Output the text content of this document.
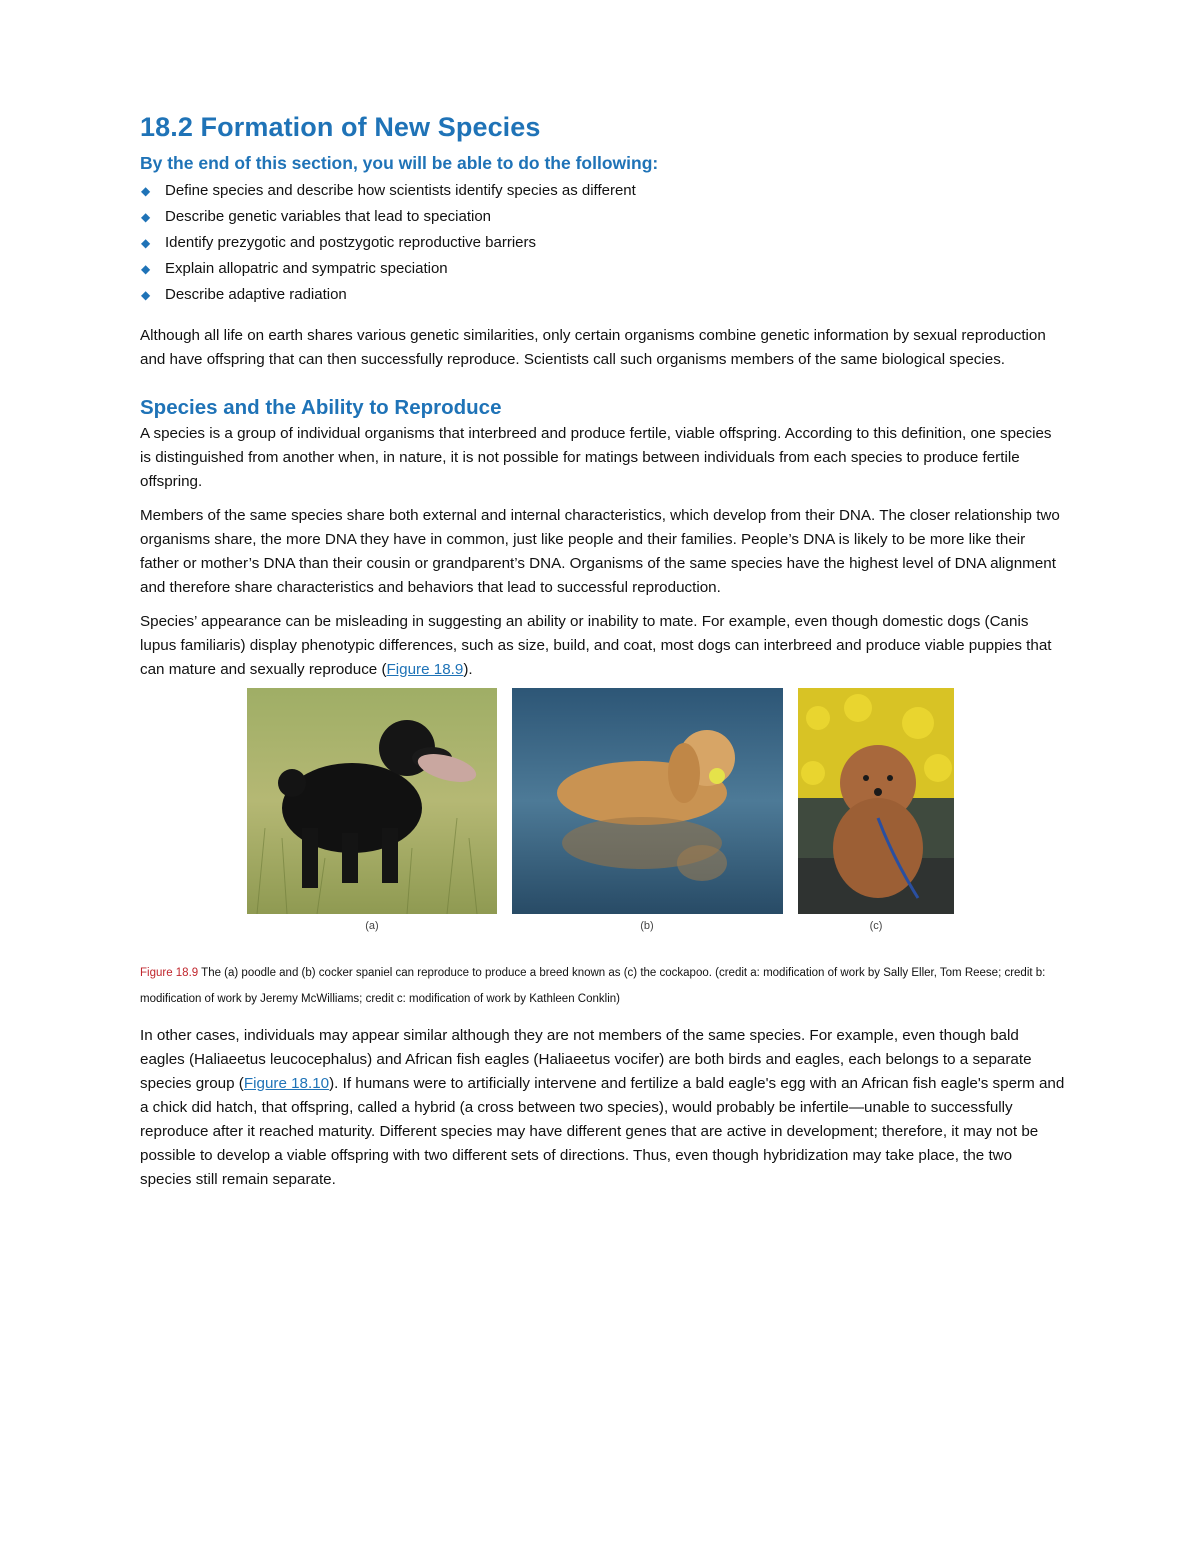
18.2 Formation of New Species
By the end of this section, you will be able to do the following:
◆ Define species and describe how scientists identify species as different
◆ Describe genetic variables that lead to speciation
◆ Identify prezygotic and postzygotic reproductive barriers
◆ Explain allopatric and sympatric speciation
◆ Describe adaptive radiation

Although all life on earth shares various genetic similarities, only certain organisms combine genetic information by sexual reproduction and have offspring that can then successfully reproduce. Scientists call such organisms members of the same biological species.

Species and the Ability to Reproduce

A species is a group of individual organisms that interbreed and produce fertile, viable offspring. According to this definition, one species is distinguished from another when, in nature, it is not possible for matings between individuals from each species to produce fertile offspring.

Members of the same species share both external and internal characteristics, which develop from their DNA. The closer relationship two organisms share, the more DNA they have in common, just like people and their families. People’s DNA is likely to be more like their father or mother’s DNA than their cousin or grandparent’s DNA. Organisms of the same species have the highest level of DNA alignment and therefore share characteristics and behaviors that lead to successful reproduction.

Species’ appearance can be misleading in suggesting an ability or inability to mate. For example, even though domestic dogs (Canis lupus familiaris) display phenotypic differences, such as size, build, and coat, most dogs can interbreed and produce viable puppies that can mature and sexually reproduce (Figure 18.9).

(a)	(b)	(c)

Figure 18.9 The (a) poodle and (b) cocker spaniel can reproduce to produce a breed known as (c) the cockapoo. (credit a: modification of work by Sally Eller, Tom Reese; credit b: modification of work by Jeremy McWilliams; credit c: modification of work by Kathleen Conklin)

In other cases, individuals may appear similar although they are not members of the same species. For example, even though bald eagles (Haliaeetus leucocephalus) and African fish eagles (Haliaeetus vocifer) are both birds and eagles, each belongs to a separate species group (Figure 18.10). If humans were to artificially intervene and fertilize a bald eagle's egg with an African fish eagle's sperm and a chick did hatch, that offspring, called a hybrid (a cross between two species), would probably be infertile—unable to successfully reproduce after it reached maturity. Different species may have different genes that are active in development; therefore, it may not be possible to develop a viable offspring with two different sets of directions. Thus, even though hybridization may take place, the two species still remain separate.
